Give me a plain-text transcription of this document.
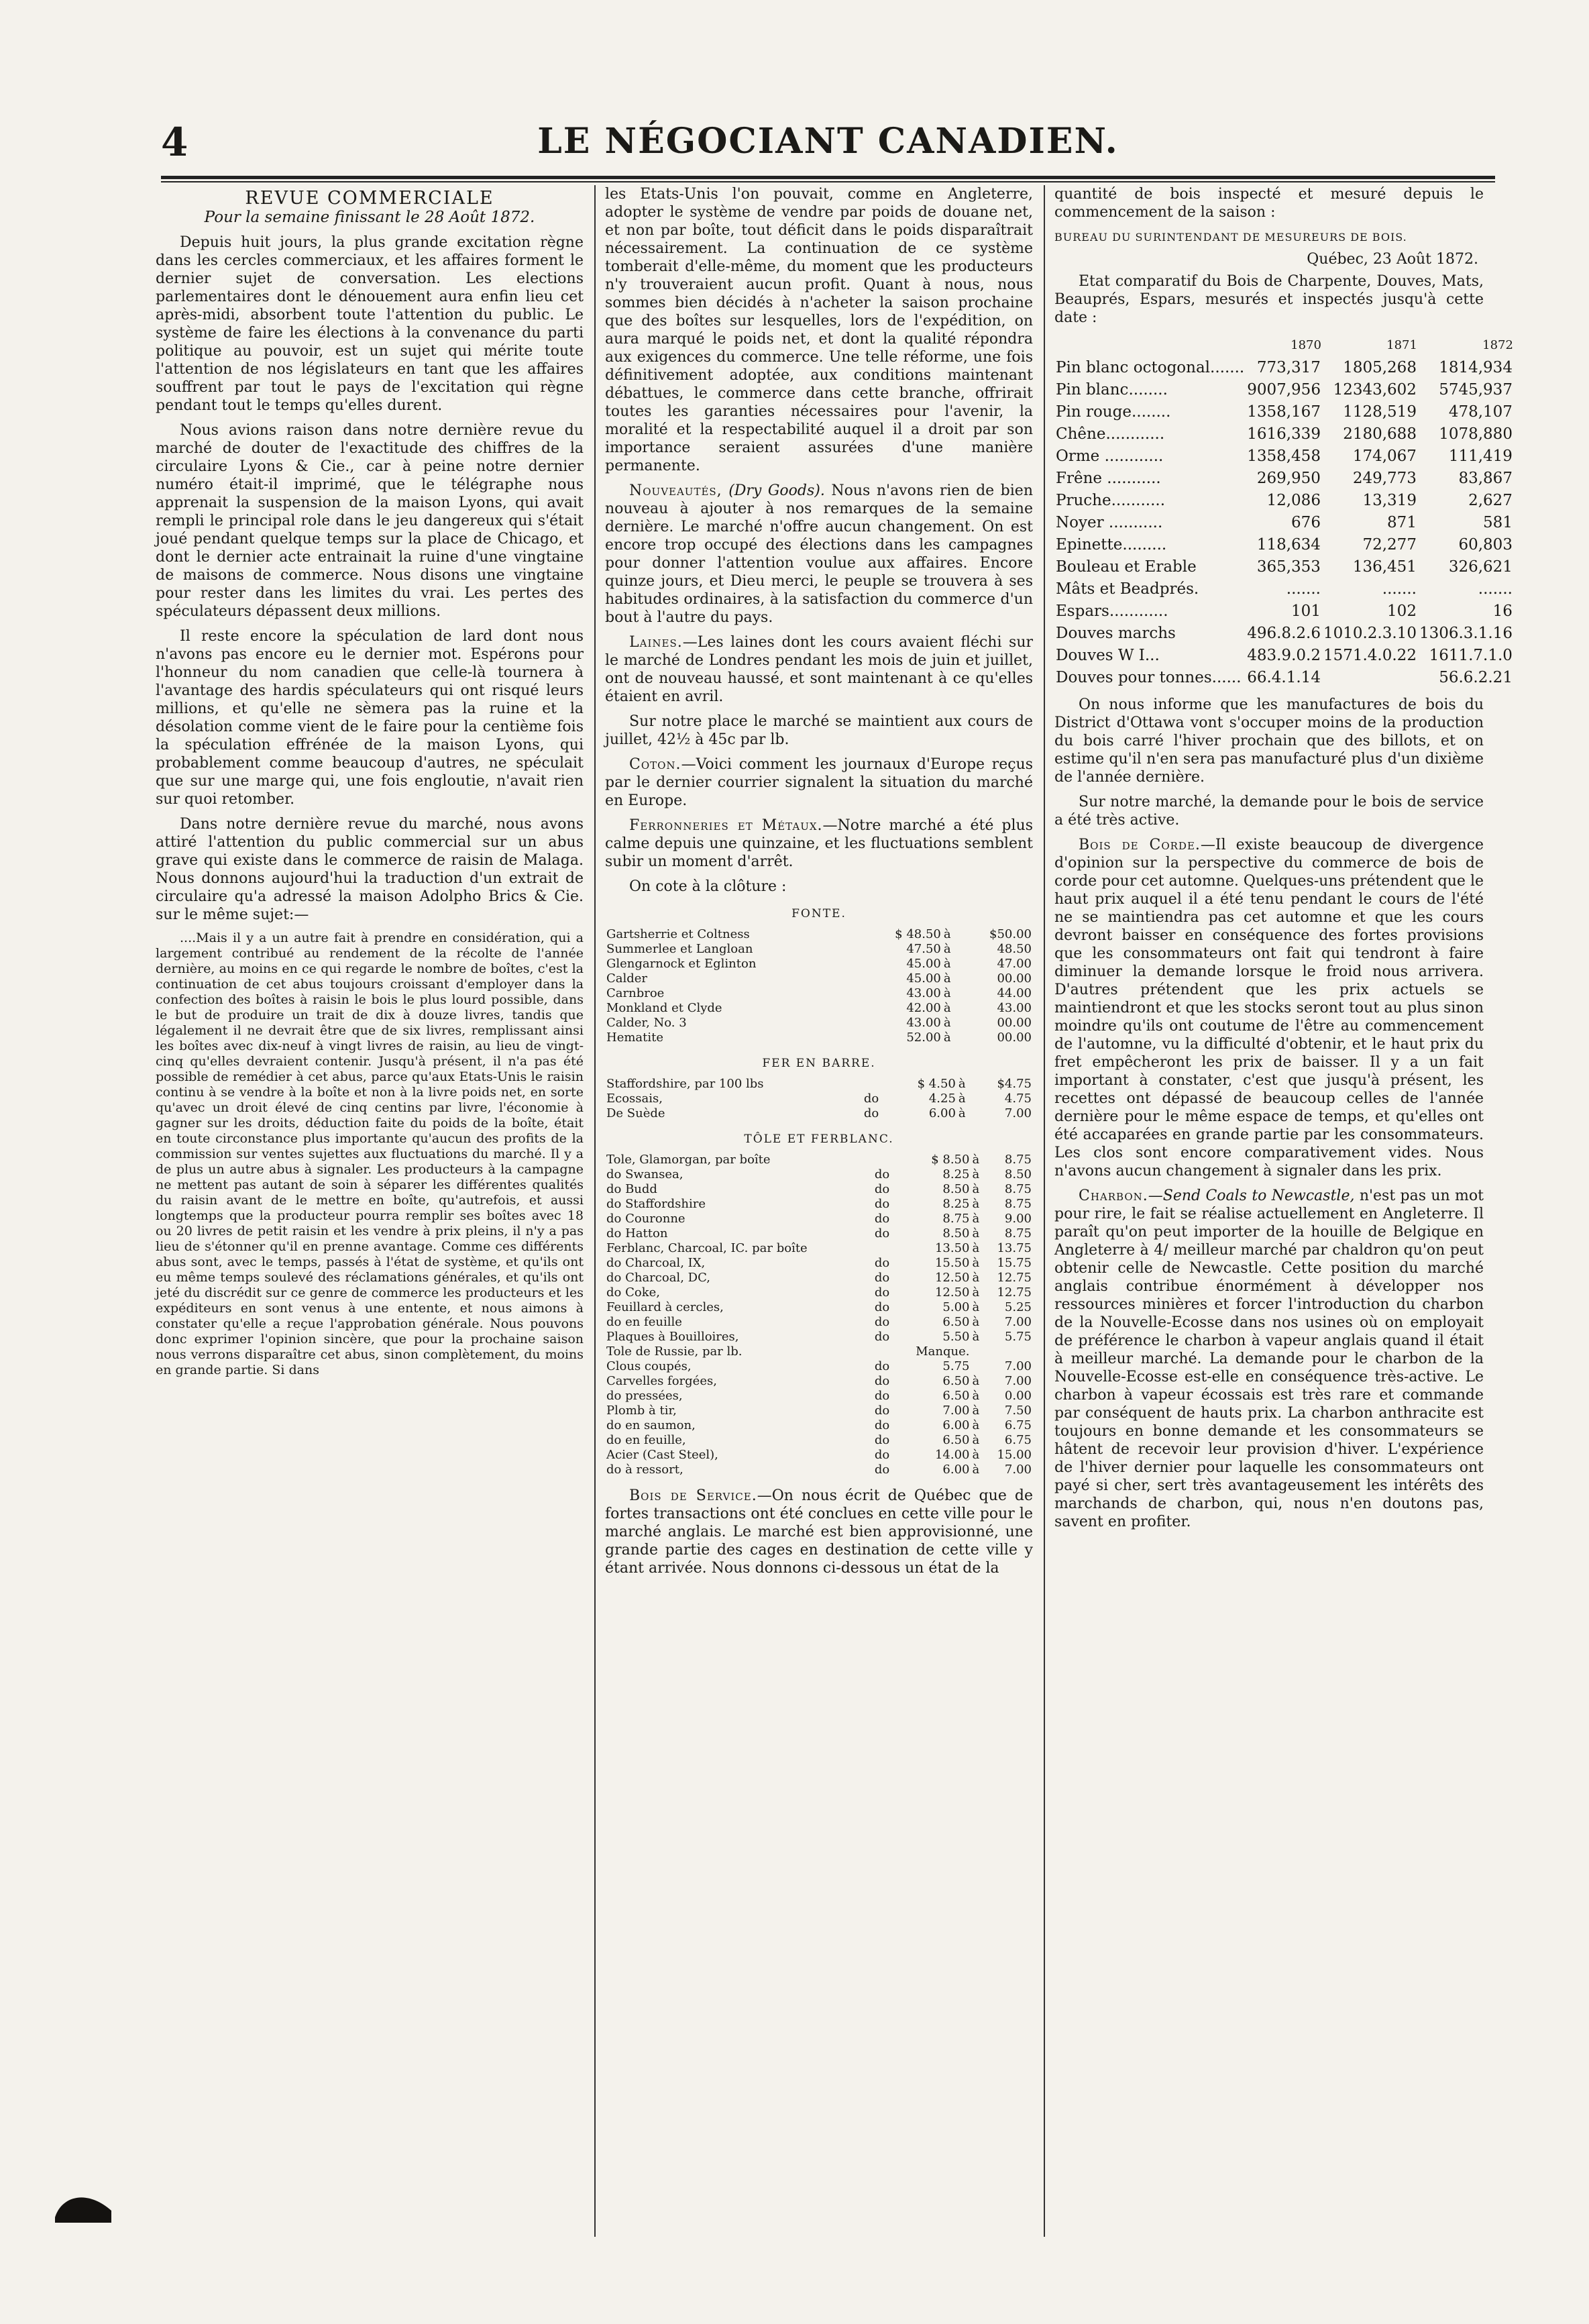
4	LE NÉGOCIANT CANADIEN.
REVUE COMMERCIALE
Pour la semaine finissant le 28 Août 1872.

Depuis huit jours, la plus grande excitation règne dans les cercles commerciaux, et les affaires forment le dernier sujet de conversation. Les elections parlementaires dont le dénouement aura enfin lieu cet après-midi, absorbent toute l'attention du public. Le système de faire les élections à la convenance du parti politique au pouvoir, est un sujet qui mérite toute l'attention de nos législateurs en tant que les affaires souffrent par tout le pays de l'excitation qui règne pendant tout le temps qu'elles durent.

Nous avions raison dans notre dernière revue du marché de douter de l'exactitude des chiffres de la circulaire Lyons & Cie., car à peine notre dernier numéro était-il imprimé, que le télégraphe nous apprenait la suspension de la maison Lyons, qui avait rempli le principal role dans le jeu dangereux qui s'était joué pendant quelque temps sur la place de Chicago, et dont le dernier acte entrainait la ruine d'une vingtaine de maisons de commerce. Nous disons une vingtaine pour rester dans les limites du vrai. Les pertes des spéculateurs dépassent deux millions.

Il reste encore la spéculation de lard dont nous n'avons pas encore eu le dernier mot. Espérons pour l'honneur du nom canadien que celle-là tournera à l'avantage des hardis spéculateurs qui ont risqué leurs millions, et qu'elle ne sèmera pas la ruine et la désolation comme vient de le faire pour la centième fois la spéculation effrénée de la maison Lyons, qui probablement comme beaucoup d'autres, ne spéculait que sur une marge qui, une fois engloutie, n'avait rien sur quoi retomber.

Dans notre dernière revue du marché, nous avons attiré l'attention du public commercial sur un abus grave qui existe dans le commerce de raisin de Malaga. Nous donnons aujourd'hui la traduction d'un extrait de circulaire qu'a adressé la maison Adolpho Brics & Cie. sur le même sujet:—

....Mais il y a un autre fait à prendre en considération, qui a largement contribué au rendement de la récolte de l'année dernière, au moins en ce qui regarde le nombre de boîtes, c'est la continuation de cet abus toujours croissant d'employer dans la confection des boîtes à raisin le bois le plus lourd possible, dans le but de produire un trait de dix à douze livres, tandis que légalement il ne devrait être que de six livres, remplissant ainsi les boîtes avec dix-neuf à vingt livres de raisin, au lieu de vingt-cinq qu'elles devraient contenir. Jusqu'à présent, il n'a pas été possible de remédier à cet abus, parce qu'aux Etats-Unis le raisin continu à se vendre à la boîte et non à la livre poids net, en sorte qu'avec un droit élevé de cinq centins par livre, l'économie à gagner sur les droits, déduction faite du poids de la boîte, était en toute circonstance plus importante qu'aucun des profits de la commission sur ventes sujettes aux fluctuations du marché. Il y a de plus un autre abus à signaler. Les producteurs à la campagne ne mettent pas autant de soin à séparer les différentes qualités du raisin avant de le mettre en boîte, qu'autrefois, et aussi longtemps que la producteur pourra remplir ses boîtes avec 18 ou 20 livres de petit raisin et les vendre à prix pleins, il n'y a pas lieu de s'étonner qu'il en prenne avantage. Comme ces différents abus sont, avec le temps, passés à l'état de système, et qu'ils ont eu même temps soulevé des réclamations générales, et qu'ils ont jeté du discrédit sur ce genre de commerce les producteurs et les expéditeurs en sont venus à une entente, et nous aimons à constater qu'elle a reçue l'approbation générale. Nous pouvons donc exprimer l'opinion sincère, que pour la prochaine saison nous verrons disparaître cet abus, sinon complètement, du moins en grande partie. Si dans

les Etats-Unis l'on pouvait, comme en Angleterre, adopter le système de vendre par poids de douane net, et non par boîte, tout déficit dans le poids disparaîtrait nécessairement. La continuation de ce système tomberait d'elle-même, du moment que les producteurs n'y trouveraient aucun profit. Quant à nous, nous sommes bien décidés à n'acheter la saison prochaine que des boîtes sur lesquelles, lors de l'expédition, on aura marqué le poids net, et dont la qualité répondra aux exigences du commerce. Une telle réforme, une fois définitivement adoptée, aux conditions maintenant débattues, le commerce dans cette branche, offrirait toutes les garanties nécessaires pour l'avenir, la moralité et la respectabilité auquel il a droit par son importance seraient assurées d'une manière permanente.

Nouveautés, (Dry Goods). Nous n'avons rien de bien nouveau à ajouter à nos remarques de la semaine dernière. Le marché n'offre aucun changement. On est encore trop occupé des élections dans les campagnes pour donner l'attention voulue aux affaires. Encore quinze jours, et Dieu merci, le peuple se trouvera à ses habitudes ordinaires, à la satisfaction du commerce d'un bout à l'autre du pays.

Laines.—Les laines dont les cours avaient fléchi sur le marché de Londres pendant les mois de juin et juillet, ont de nouveau haussé, et sont maintenant à ce qu'elles étaient en avril.

Sur notre place le marché se maintient aux cours de juillet, 42½ à 45c par lb.

Coton.—Voici comment les journaux d'Europe reçus par le dernier courrier signalent la situation du marché en Europe.

Ferronneries et Métaux.—Notre marché a été plus calme depuis une quinzaine, et les fluctuations semblent subir un moment d'arrêt.

On cote à la clôture :

FONTE.
Gartsherrie et Coltness		$ 48.50	à	$50.00
Summerlee et Langloan		47.50	à	48.50
Glengarnock et Eglinton		45.00	à	47.00
Calder		45.00	à	00.00
Carnbroe		43.00	à	44.00
Monkland et Clyde		42.00	à	43.00
Calder, No. 3		43.00	à	00.00
Hematite		52.00	à	00.00
FER EN BARRE.
Staffordshire, par 100 lbs		$ 4.50	à	$4.75
Ecossais,	do	4.25	à	4.75
De Suède	do	6.00	à	7.00
TÔLE ET FERBLANC.
Tole, Glamorgan, par boîte		$ 8.50	à	8.75
do Swansea,	do	8.25	à	8.50
do Budd	do	8.50	à	8.75
do Staffordshire	do	8.25	à	8.75
do Couronne	do	8.75	à	9.00
do Hatton	do	8.50	à	8.75
Ferblanc, Charcoal, IC. par boîte		13.50	à	13.75
do Charcoal, IX,	do	15.50	à	15.75
do Charcoal, DC,	do	12.50	à	12.75
do Coke,	do	12.50	à	12.75
Feuillard à cercles,	do	5.00	à	5.25
do en feuille	do	6.50	à	7.00
Plaques à Bouilloires,	do	5.50	à	5.75
Tole de Russie, par lb.		Manque.		
Clous coupés,	do	5.75		7.00
Carvelles forgées,	do	6.50	à	7.00
do pressées,	do	6.50	à	0.00
Plomb à tir,	do	7.00	à	7.50
do en saumon,	do	6.00	à	6.75
do en feuille,	do	6.50	à	6.75
Acier (Cast Steel),	do	14.00	à	15.00
do à ressort,	do	6.00	à	7.00

Bois de Service.—On nous écrit de Québec que de fortes transactions ont été conclues en cette ville pour le marché anglais. Le marché est bien approvisionné, une grande partie des cages en destination de cette ville y étant arrivée. Nous donnons ci-dessous un état de la

quantité de bois inspecté et mesuré depuis le commencement de la saison :

BUREAU DU SURINTENDANT DE MESUREURS DE BOIS.
Québec, 23 Août 1872.

Etat comparatif du Bois de Charpente, Douves, Mats, Beauprés, Espars, mesurés et inspectés jusqu'à cette date :

	1870	1871	1872
Pin blanc octogonal.......	773,317	1805,268	1814,934
Pin blanc........	9007,956	12343,602	5745,937
Pin rouge........	1358,167	1128,519	478,107
Chêne............	1616,339	2180,688	1078,880
Orme ............	1358,458	174,067	111,419
Frêne ...........	269,950	249,773	83,867
Pruche...........	12,086	13,319	2,627
Noyer ...........	676	871	581
Epinette.........	118,634	72,277	60,803
Bouleau et Erable	365,353	136,451	326,621
Mâts et Beadprés.	.......	.......	.......
Espars............	101	102	16
Douves marchs	496.8.2.6	1010.2.3.10	1306.3.1.16
Douves W I...	483.9.0.2	1571.4.0.22	1611.7.1.0
Douves pour tonnes......	66.4.1.14		56.6.2.21

On nous informe que les manufactures de bois du District d'Ottawa vont s'occuper moins de la production du bois carré l'hiver prochain que des billots, et on estime qu'il n'en sera pas manufacturé plus d'un dixième de l'année dernière.

Sur notre marché, la demande pour le bois de service a été très active.

Bois de Corde.—Il existe beaucoup de divergence d'opinion sur la perspective du commerce de bois de corde pour cet automne. Quelques-uns prétendent que le haut prix auquel il a été tenu pendant le cours de l'été ne se maintiendra pas cet automne et que les cours devront baisser en conséquence des fortes provisions que les consommateurs ont fait qui tendront à faire diminuer la demande lorsque le froid nous arrivera. D'autres prétendent que les prix actuels se maintiendront et que les stocks seront tout au plus sinon moindre qu'ils ont coutume de l'être au commencement de l'automne, vu la difficulté d'obtenir, et le haut prix du fret empêcheront les prix de baisser. Il y a un fait important à constater, c'est que jusqu'à présent, les recettes ont dépassé de beaucoup celles de l'année dernière pour le même espace de temps, et qu'elles ont été accaparées en grande partie par les consommateurs. Les clos sont encore comparativement vides. Nous n'avons aucun changement à signaler dans les prix.

Charbon.—Send Coals to Newcastle, n'est pas un mot pour rire, le fait se réalise actuellement en Angleterre. Il paraît qu'on peut importer de la houille de Belgique en Angleterre à 4/ meilleur marché par chaldron qu'on peut obtenir celle de Newcastle. Cette position du marché anglais contribue énormément à développer nos ressources minières et forcer l'introduction du charbon de la Nouvelle-Ecosse dans nos usines où on employait de préférence le charbon à vapeur anglais quand il était à meilleur marché. La demande pour le charbon de la Nouvelle-Ecosse est-elle en conséquence très-active. Le charbon à vapeur écossais est très rare et commande par conséquent de hauts prix. La charbon anthracite est toujours en bonne demande et les consommateurs se hâtent de recevoir leur provision d'hiver. L'expérience de l'hiver dernier pour laquelle les consommateurs ont payé si cher, sert très avantageusement les intérêts des marchands de charbon, qui, nous n'en doutons pas, savent en profiter.
